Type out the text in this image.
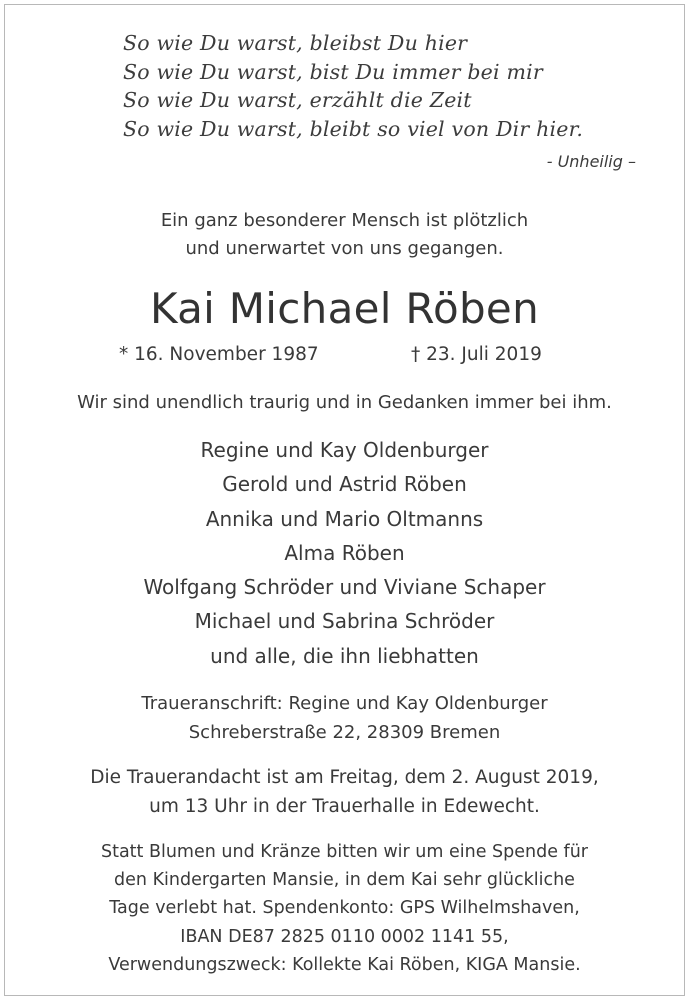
So wie Du warst, bleibst Du hier
So wie Du warst, bist Du immer bei mir
So wie Du warst, erzählt die Zeit
So wie Du warst, bleibt so viel von Dir hier.
- Unheilig –
Ein ganz besonderer Mensch ist plötzlich
und unerwartet von uns gegangen.
Kai Michael Röben
* 16. November 1987	† 23. Juli 2019
Wir sind unendlich traurig und in Gedanken immer bei ihm.
Regine und Kay Oldenburger
Gerold und Astrid Röben
Annika und Mario Oltmanns
Alma Röben
Wolfgang Schröder und Viviane Schaper
Michael und Sabrina Schröder
und alle, die ihn liebhatten
Traueranschrift: Regine und Kay Oldenburger
Schreberstraße 22, 28309 Bremen
Die Trauerandacht ist am Freitag, dem 2. August 2019,
um 13 Uhr in der Trauerhalle in Edewecht.
Statt Blumen und Kränze bitten wir um eine Spende für
den Kindergarten Mansie, in dem Kai sehr glückliche
Tage verlebt hat. Spendenkonto: GPS Wilhelmshaven,
IBAN DE87 2825 0110 0002 1141 55,
Verwendungszweck: Kollekte Kai Röben, KIGA Mansie.
